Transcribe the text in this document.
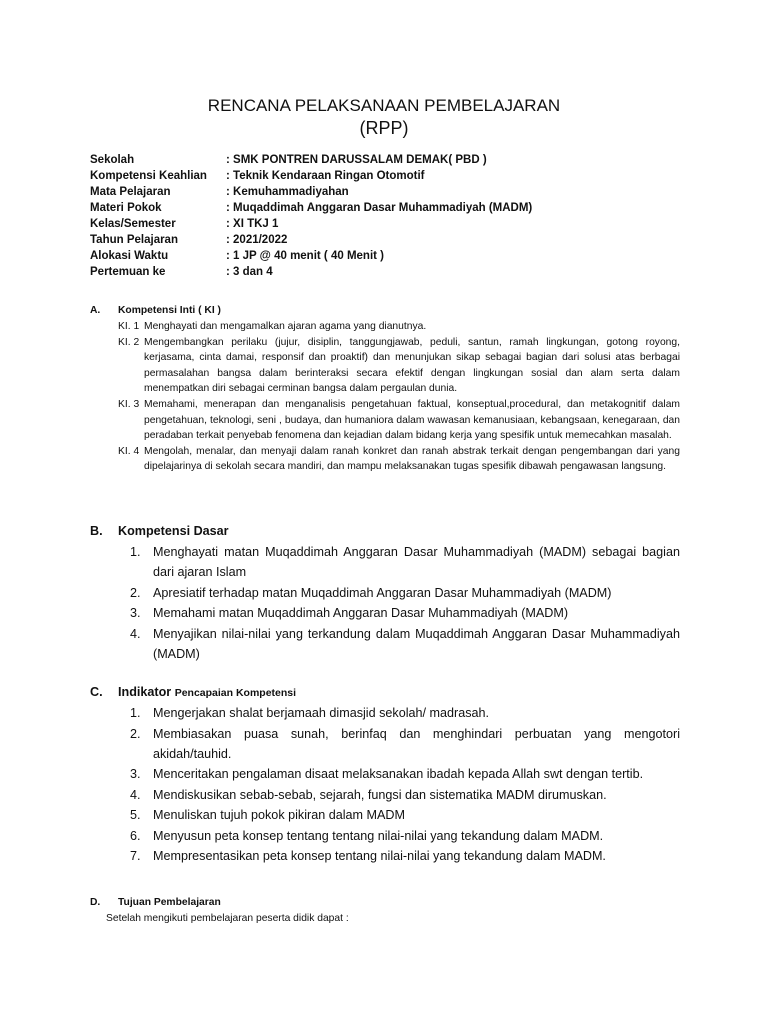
RENCANA PELAKSANAAN PEMBELAJARAN
(RPP)
Sekolah	: SMK PONTREN DARUSSALAM DEMAK( PBD )
Kompetensi Keahlian : Teknik Kendaraan Ringan Otomotif
Mata Pelajaran	: Kemuhammadiyahan
Materi Pokok	: Muqaddimah Anggaran Dasar Muhammadiyah (MADM)
Kelas/Semester	: XI TKJ 1
Tahun Pelajaran	: 2021/2022
Alokasi Waktu	: 1 JP @ 40 menit ( 40 Menit )
Pertemuan ke	: 3 dan 4
A. Kompetensi Inti ( KI )
KI. 1 Menghayati dan mengamalkan ajaran agama yang dianutnya.
KI. 2 Mengembangkan perilaku (jujur, disiplin, tanggungjawab, peduli, santun, ramah lingkungan, gotong royong, kerjasama, cinta damai, responsif dan proaktif) dan menunjukan sikap sebagai bagian dari solusi atas berbagai permasalahan bangsa dalam berinteraksi secara efektif dengan lingkungan sosial dan alam serta dalam menempatkan diri sebagai cerminan bangsa dalam pergaulan dunia.
KI. 3 Memahami, menerapan dan menganalisis pengetahuan faktual, konseptual,procedural, dan metakognitif dalam pengetahuan, teknologi, seni , budaya, dan humaniora dalam wawasan kemanusiaan, kebangsaan, kenegaraan, dan peradaban terkait penyebab fenomena dan kejadian dalam bidang kerja yang spesifik untuk memecahkan masalah.
KI. 4 Mengolah, menalar, dan menyaji dalam ranah konkret dan ranah abstrak terkait dengan pengembangan dari yang dipelajarinya di sekolah secara mandiri, dan mampu melaksanakan tugas spesifik dibawah pengawasan langsung.
B. Kompetensi Dasar
1. Menghayati matan Muqaddimah Anggaran Dasar Muhammadiyah (MADM) sebagai bagian dari ajaran Islam
2. Apresiatif terhadap matan Muqaddimah Anggaran Dasar Muhammadiyah (MADM)
3. Memahami matan Muqaddimah Anggaran Dasar Muhammadiyah (MADM)
4. Menyajikan nilai-nilai yang terkandung dalam Muqaddimah Anggaran Dasar Muhammadiyah (MADM)
C. Indikator Pencapaian Kompetensi
1. Mengerjakan shalat berjamaah dimasjid sekolah/ madrasah.
2. Membiasakan puasa sunah, berinfaq dan menghindari perbuatan yang mengotori akidah/tauhid.
3. Menceritakan pengalaman disaat melaksanakan ibadah kepada Allah swt dengan tertib.
4. Mendiskusikan sebab-sebab, sejarah, fungsi dan sistematika MADM dirumuskan.
5. Menuliskan tujuh pokok pikiran dalam MADM
6. Menyusun peta konsep tentang tentang nilai-nilai yang tekandung dalam MADM.
7. Mempresentasikan peta konsep tentang nilai-nilai yang tekandung dalam MADM.
D. Tujuan Pembelajaran
Setelah mengikuti pembelajaran peserta didik dapat :
